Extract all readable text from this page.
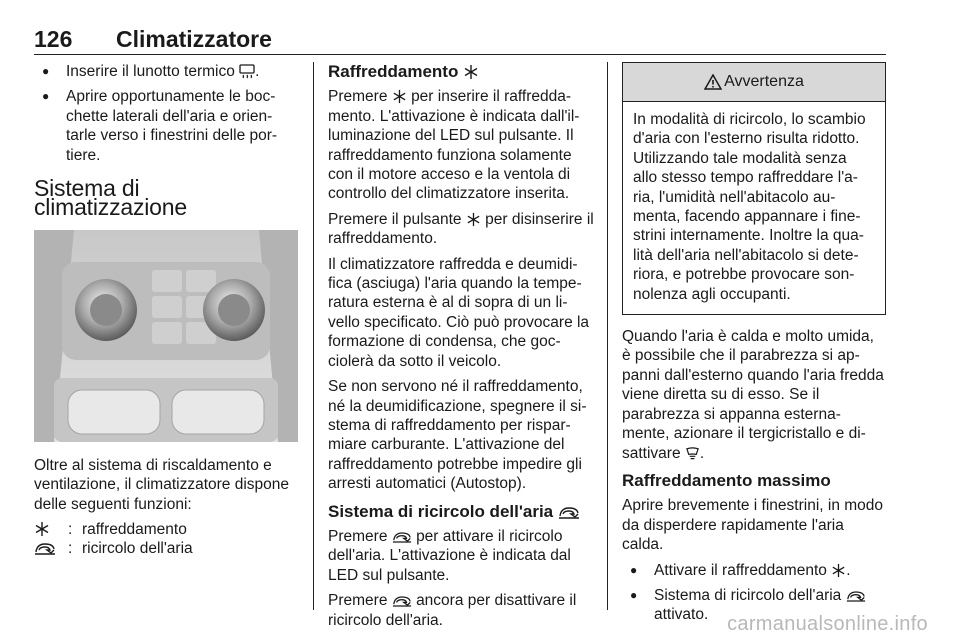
126 Climatizzatore
● Inserire il lunotto termico .
● Aprire opportunamente le boc-chette laterali dell'aria e orien-tarle verso i finestrini delle por-tiere.
Sistema di climatizzazione
Oltre al sistema di riscaldamento e ventilazione, il climatizzatore dispone delle seguenti funzioni:
: raffreddamento
: ricircolo dell'aria
Raffreddamento
Premere per inserire il raffredda-mento. L'attivazione è indicata dall'il-luminazione del LED sul pulsante. Il raffreddamento funziona solamente con il motore acceso e la ventola di controllo del climatizzatore inserita.
Premere il pulsante per disinserire il raffreddamento.
Il climatizzatore raffredda e deumidi-fica (asciuga) l'aria quando la tempe-ratura esterna è al di sopra di un li-vello specificato. Ciò può provocare la formazione di condensa, che goc-ciolerà da sotto il veicolo.
Se non servono né il raffreddamento, né la deumidificazione, spegnere il si-stema di raffreddamento per rispar-miare carburante. L'attivazione del raffreddamento potrebbe impedire gli arresti automatici (Autostop).
Sistema di ricircolo dell'aria
Premere per attivare il ricircolo dell'aria. L'attivazione è indicata dal LED sul pulsante.
Premere ancora per disattivare il ricircolo dell'aria.
Avvertenza
In modalità di ricircolo, lo scambio d'aria con l'esterno risulta ridotto. Utilizzando tale modalità senza allo stesso tempo raffreddare l'a-ria, l'umidità nell'abitacolo au-menta, facendo appannare i fine-strini internamente. Inoltre la qua-lità dell'aria nell'abitacolo si dete-riora, e potrebbe provocare son-nolenza agli occupanti.
Quando l'aria è calda e molto umida, è possibile che il parabrezza si ap-panni dall'esterno quando l'aria fredda viene diretta su di esso. Se il parabrezza si appanna esterna-mente, azionare il tergicristallo e di-sattivare .
Raffreddamento massimo
Aprire brevemente i finestrini, in modo da disperdere rapidamente l'aria calda.
● Attivare il raffreddamento .
● Sistema di ricircolo dell'aria  attivato. carmanualsonline.info
